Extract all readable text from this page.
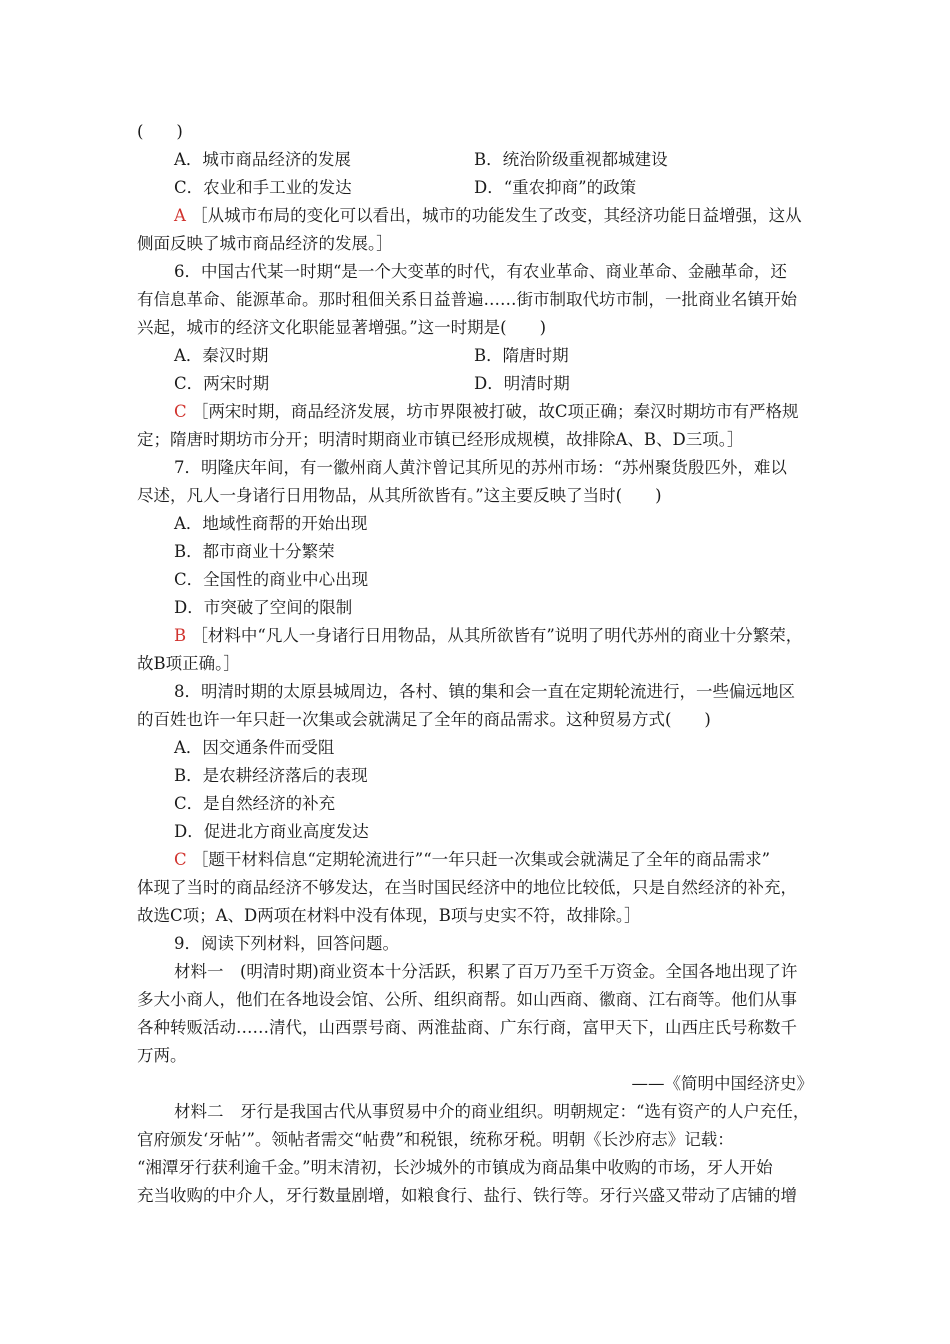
(　　)
A．城市商品经济的发展	B．统治阶级重视都城建设
C．农业和手工业的发达	D．“重农抑商”的政策
A ［从城市布局的变化可以看出，城市的功能发生了改变，其经济功能日益增强，这从
侧面反映了城市商品经济的发展。］
6．中国古代某一时期“是一个大变革的时代，有农业革命、商业革命、金融革命，还
有信息革命、能源革命。那时租佃关系日益普遍……街市制取代坊市制，一批商业名镇开始
兴起，城市的经济文化职能显著增强。”这一时期是(　　)
A．秦汉时期	B．隋唐时期
C．两宋时期	D．明清时期
C ［两宋时期，商品经济发展，坊市界限被打破，故C项正确；秦汉时期坊市有严格规
定；隋唐时期坊市分开；明清时期商业市镇已经形成规模，故排除A、B、D三项。］
7．明隆庆年间，有一徽州商人黄汴曾记其所见的苏州市场：“苏州聚货殷匹外，难以
尽述，凡人一身诸行日用物品，从其所欲皆有。”这主要反映了当时(　　)
A．地域性商帮的开始出现
B．都市商业十分繁荣
C．全国性的商业中心出现
D．市突破了空间的限制
B ［材料中“凡人一身诸行日用物品，从其所欲皆有”说明了明代苏州的商业十分繁荣，
故B项正确。］
8．明清时期的太原县城周边，各村、镇的集和会一直在定期轮流进行，一些偏远地区
的百姓也许一年只赶一次集或会就满足了全年的商品需求。这种贸易方式(　　)
A．因交通条件而受阻
B．是农耕经济落后的表现
C．是自然经济的补充
D．促进北方商业高度发达
C ［题干材料信息“定期轮流进行”“一年只赶一次集或会就满足了全年的商品需求”
体现了当时的商品经济不够发达，在当时国民经济中的地位比较低，只是自然经济的补充，
故选C项；A、D两项在材料中没有体现，B项与史实不符，故排除。］
9．阅读下列材料，回答问题。
材料一　(明清时期)商业资本十分活跃，积累了百万乃至千万资金。全国各地出现了许
多大小商人，他们在各地设会馆、公所、组织商帮。如山西商、徽商、江右商等。他们从事
各种转贩活动……清代，山西票号商、两淮盐商、广东行商，富甲天下，山西庄氏号称数千
万两。
——《简明中国经济史》
材料二　牙行是我国古代从事贸易中介的商业组织。明朝规定：“选有资产的人户充任，
官府颁发‘牙帖’”。领帖者需交“帖费”和税银，统称牙税。明朝《长沙府志》记载：
“湘潭牙行获利逾千金。”明末清初，长沙城外的市镇成为商品集中收购的市场，牙人开始
充当收购的中介人，牙行数量剧增，如粮食行、盐行、铁行等。牙行兴盛又带动了店铺的增
